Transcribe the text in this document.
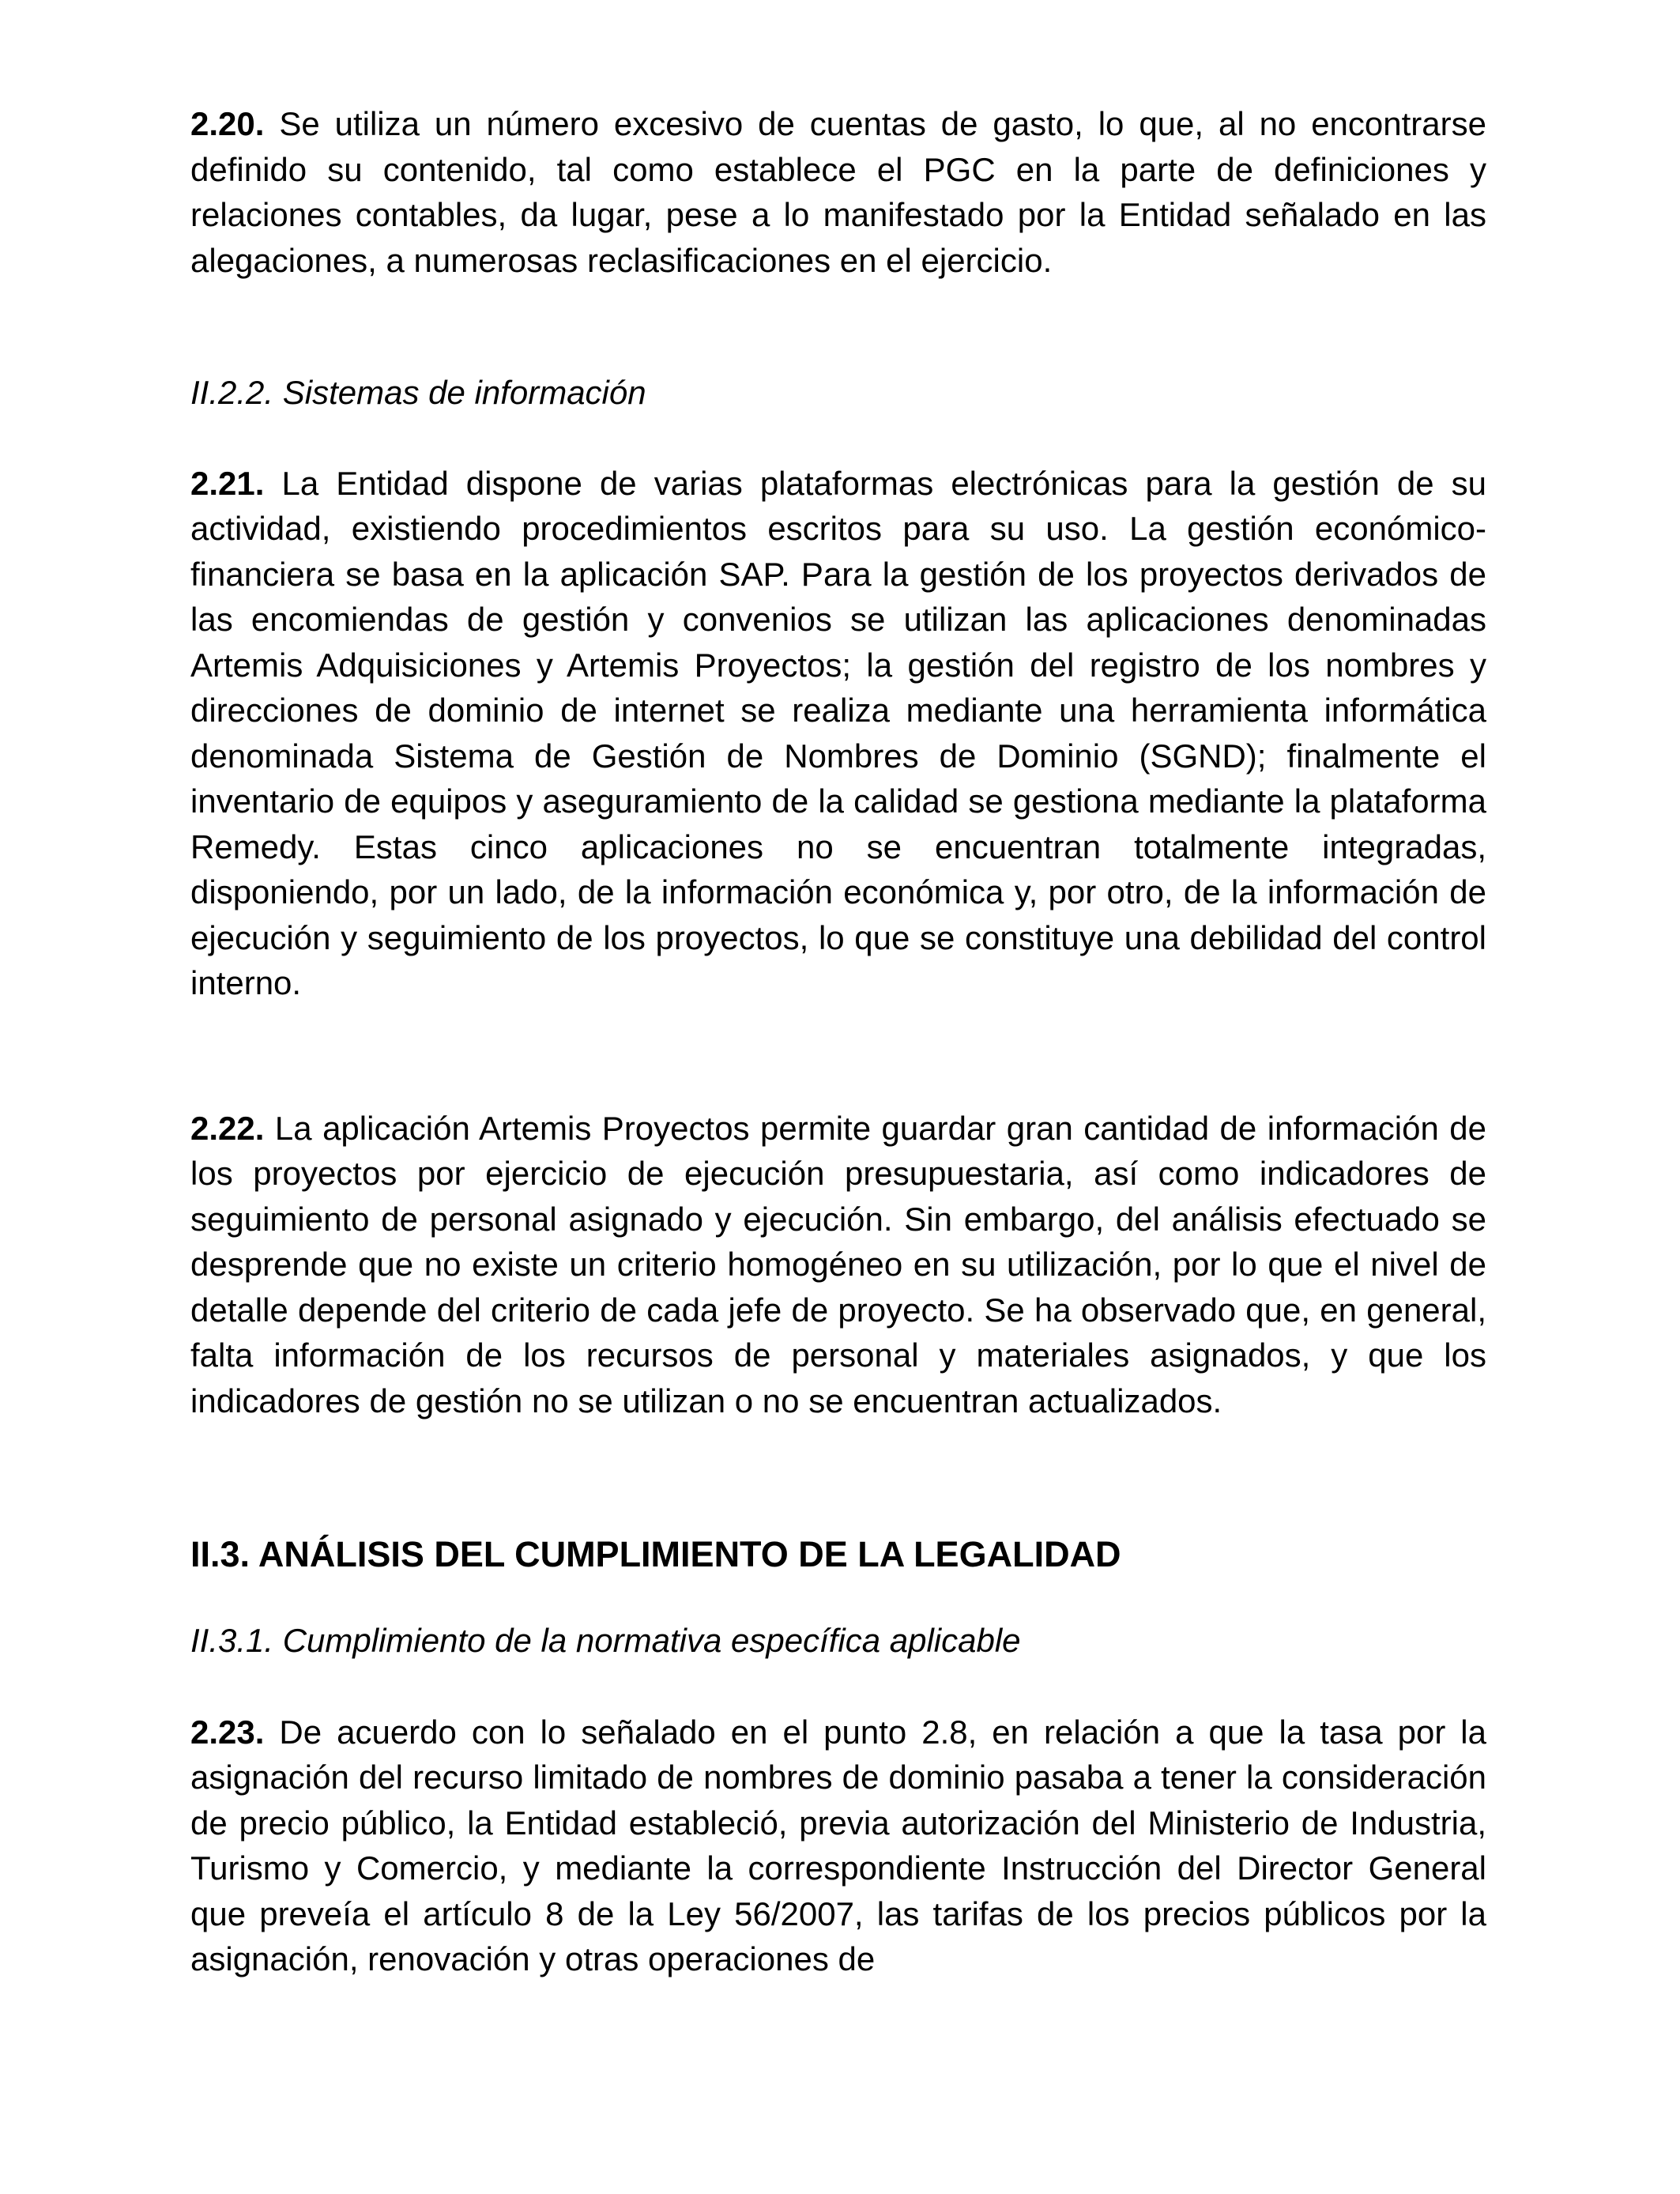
2.20. Se utiliza un número excesivo de cuentas de gasto, lo que, al no encontrarse definido su contenido, tal como establece el PGC en la parte de definiciones y relaciones contables, da lugar, pese a lo manifestado por la Entidad señalado en las alegaciones, a numerosas reclasificaciones en el ejercicio.

II.2.2. Sistemas de información

2.21. La Entidad dispone de varias plataformas electrónicas para la gestión de su actividad, existiendo procedimientos escritos para su uso. La gestión económico-financiera se basa en la aplicación SAP. Para la gestión de los proyectos derivados de las encomiendas de gestión y convenios se utilizan las aplicaciones denominadas Artemis Adquisiciones y Artemis Proyectos; la gestión del registro de los nombres y direcciones de dominio de internet se realiza mediante una herramienta informática denominada Sistema de Gestión de Nombres de Dominio (SGND); finalmente el inventario de equipos y aseguramiento de la calidad se gestiona mediante la plataforma Remedy. Estas cinco aplicaciones no se encuentran totalmente integradas, disponiendo, por un lado, de la información económica y, por otro, de la información de ejecución y seguimiento de los proyectos, lo que se constituye una debilidad del control interno.

2.22. La aplicación Artemis Proyectos permite guardar gran cantidad de información de los proyectos por ejercicio de ejecución presupuestaria, así como indicadores de seguimiento de personal asignado y ejecución. Sin embargo, del análisis efectuado se desprende que no existe un criterio homogéneo en su utilización, por lo que el nivel de detalle depende del criterio de cada jefe de proyecto. Se ha observado que, en general, falta información de los recursos de personal y materiales asignados, y que los indicadores de gestión no se utilizan o no se encuentran actualizados.

II.3. ANÁLISIS DEL CUMPLIMIENTO DE LA LEGALIDAD

II.3.1. Cumplimiento de la normativa específica aplicable

2.23. De acuerdo con lo señalado en el punto 2.8, en relación a que la tasa por la asignación del recurso limitado de nombres de dominio pasaba a tener la consideración de precio público, la Entidad estableció, previa autorización del Ministerio de Industria, Turismo y Comercio, y mediante la correspondiente Instrucción del Director General que preveía el artículo 8 de la Ley 56/2007, las tarifas de los precios públicos por la asignación, renovación y otras operaciones de
